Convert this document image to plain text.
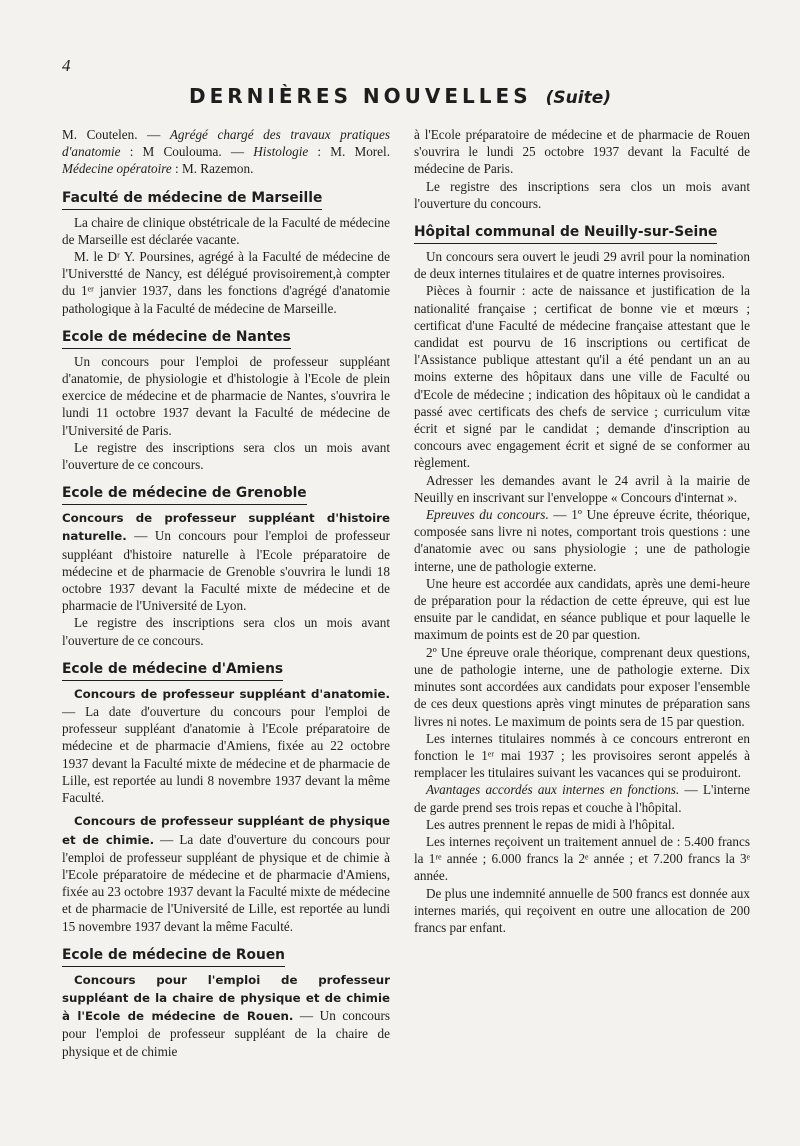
4
DERNIÈRES NOUVELLES (Suite)

M. Coutelen. — Agrégé chargé des travaux pratiques d'anatomie : M Coulouma. — Histologie : M. Morel. Médecine opératoire : M. Razemon.

Faculté de médecine de Marseille

La chaire de clinique obstétricale de la Faculté de médecine de Marseille est déclarée vacante.

M. le Dʳ Y. Poursines, agrégé à la Faculté de médecine de l'Universtté de Nancy, est délégué provisoirement,à compter du 1ᵉʳ janvier 1937, dans les fonctions d'agrégé d'anatomie pathologique à la Faculté de médecine de Marseille.

Ecole de médecine de Nantes

Un concours pour l'emploi de professeur suppléant d'anatomie, de physiologie et d'histologie à l'Ecole de plein exercice de médecine et de pharmacie de Nantes, s'ouvrira le lundi 11 octobre 1937 devant la Faculté de médecine de l'Université de Paris.

Le registre des inscriptions sera clos un mois avant l'ouverture de ce concours.

Ecole de médecine de Grenoble

Concours de professeur suppléant d'histoire naturelle. — Un concours pour l'emploi de professeur suppléant d'histoire naturelle à l'Ecole préparatoire de médecine et de pharmacie de Grenoble s'ouvrira le lundi 18 octobre 1937 devant la Faculté mixte de médecine et de pharmacie de l'Université de Lyon.

Le registre des inscriptions sera clos un mois avant l'ouverture de ce concours.

Ecole de médecine d'Amiens

Concours de professeur suppléant d'anatomie. — La date d'ouverture du concours pour l'emploi de professeur suppléant d'anatomie à l'Ecole préparatoire de médecine et de pharmacie d'Amiens, fixée au 22 octobre 1937 devant la Faculté mixte de médecine et de pharmacie de Lille, est reportée au lundi 8 novembre 1937 devant la même Faculté.

Concours de professeur suppléant de physique et de chimie. — La date d'ouverture du concours pour l'emploi de professeur suppléant de physique et de chimie à l'Ecole préparatoire de médecine et de pharmacie d'Amiens, fixée au 23 octobre 1937 devant la Faculté mixte de médecine et de pharmacie de l'Université de Lille, est reportée au lundi 15 novembre 1937 devant la même Faculté.

Ecole de médecine de Rouen

Concours pour l'emploi de professeur suppléant de la chaire de physique et de chimie à l'Ecole de médecine de Rouen. — Un concours pour l'emploi de professeur suppléant de la chaire de physique et de chimie

à l'Ecole préparatoire de médecine et de pharmacie de Rouen s'ouvrira le lundi 25 octobre 1937 devant la Faculté de médecine de Paris.

Le registre des inscriptions sera clos un mois avant l'ouverture du concours.

Hôpital communal de Neuilly-sur-Seine

Un concours sera ouvert le jeudi 29 avril pour la nomination de deux internes titulaires et de quatre internes provisoires.

Pièces à fournir : acte de naissance et justification de la nationalité française ; certificat de bonne vie et mœurs ; certificat d'une Faculté de médecine française attestant que le candidat est pourvu de 16 inscriptions ou certificat de l'Assistance publique attestant qu'il a été pendant un an au moins externe des hôpitaux dans une ville de Faculté ou d'Ecole de médecine ; indication des hôpitaux où le candidat a passé avec certificats des chefs de service ; curriculum vitæ écrit et signé par le candidat ; demande d'inscription au concours avec engagement écrit et signé de se conformer au règlement.

Adresser les demandes avant le 24 avril à la mairie de Neuilly en inscrivant sur l'enveloppe « Concours d'internat ».

Epreuves du concours. — 1º Une épreuve écrite, théorique, composée sans livre ni notes, comportant trois questions : une d'anatomie avec ou sans physiologie ; une de pathologie interne, une de pathologie externe.

Une heure est accordée aux candidats, après une demi-heure de préparation pour la rédaction de cette épreuve, qui est lue ensuite par le candidat, en séance publique et pour laquelle le maximum de points est de 20 par question.

2º Une épreuve orale théorique, comprenant deux questions, une de pathologie interne, une de pathologie externe. Dix minutes sont accordées aux candidats pour exposer l'ensemble de ces deux questions après vingt minutes de préparation sans livres ni notes. Le maximum de points sera de 15 par question.

Les internes titulaires nommés à ce concours entreront en fonction le 1ᵉʳ mai 1937 ; les provisoires seront appelés à remplacer les titulaires suivant les vacances qui se produiront.

Avantages accordés aux internes en fonctions. — L'interne de garde prend ses trois repas et couche à l'hôpital.

Les autres prennent le repas de midi à l'hôpital.

Les internes reçoivent un traitement annuel de : 5.400 francs la 1ʳᵉ année ; 6.000 francs la 2ᵉ année ; et 7.200 francs la 3ᵉ année.

De plus une indemnité annuelle de 500 francs est donnée aux internes mariés, qui reçoivent en outre une allocation de 200 francs par enfant.
